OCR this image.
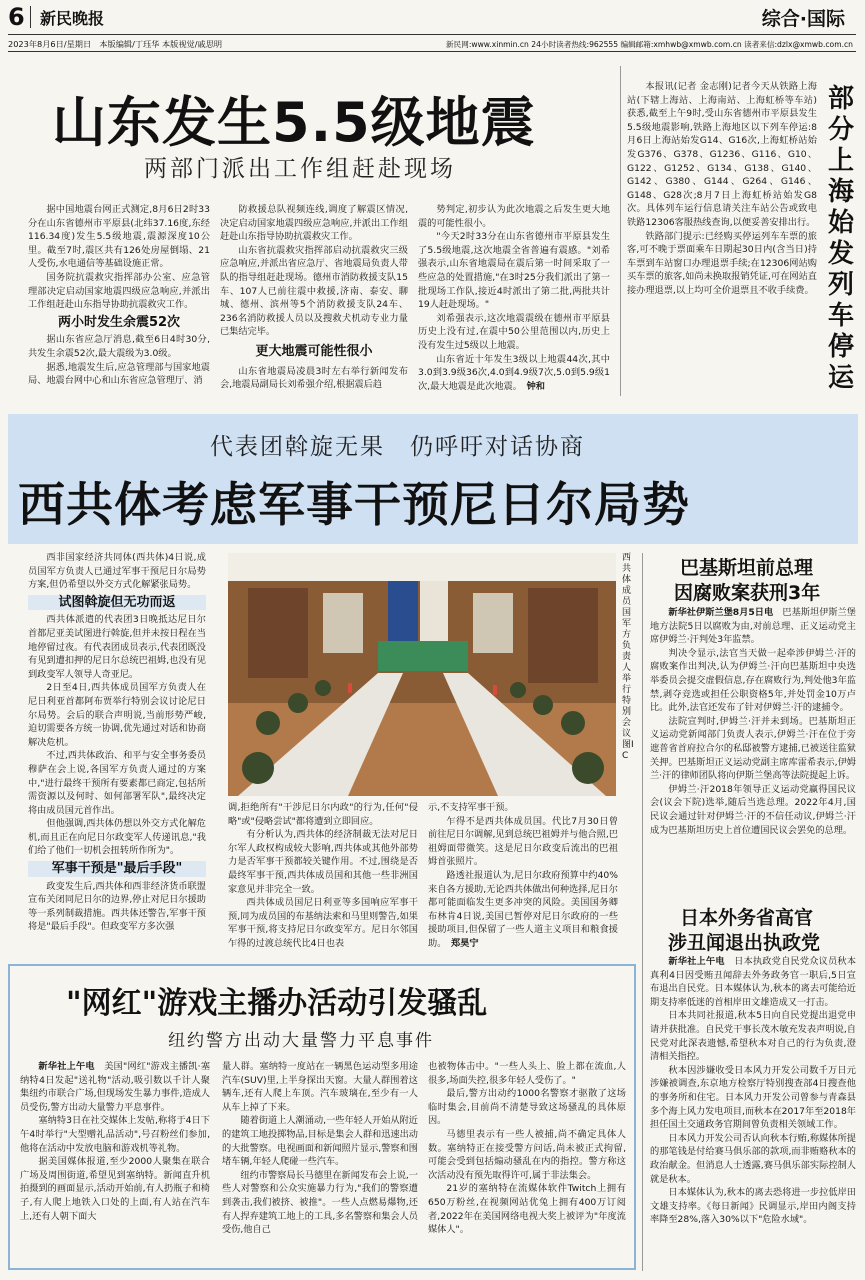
6 新民晚报	综合·国际
2023年8月6日/星期日　本版编辑/丁珏华 本版视觉/戚思明	新民网:www.xinmin.cn 24小时读者热线:962555 编辑邮箱:xmhwb@xmwb.com.cn 读者来信:dzlx@xmwb.com.cn
山东发生5.5级地震
两部门派出工作组赶赴现场

据中国地震台网正式测定,8月6日2时33分在山东省德州市平原县(北纬37.16度,东经116.34度)发生5.5级地震,震源深度10公里。截至7时,震区共有126处房屋倒塌、21人受伤,水电通信等基础设施正常。

国务院抗震救灾指挥部办公室、应急管理部决定启动国家地震四级应急响应,并派出工作组赶赴山东指导协助抗震救灾工作。

两小时发生余震52次

据山东省应急厅消息,截至6日4时30分,共发生余震52次,最大震级为3.0级。

据悉,地震发生后,应急管理部与国家地震局、地震台网中心和山东省应急管理厅、消

防救援总队视频连线,调度了解震区情况,决定启动国家地震四级应急响应,并派出工作组赶赴山东指导协助抗震救灾工作。

山东省抗震救灾指挥部启动抗震救灾三级应急响应,并派出省应急厅、省地震局负责人带队的指导组赶赴现场。德州市消防救援支队15车、107人已前往震中救援,济南、泰安、聊城、德州、滨州等5个消防救援支队24车、236名消防救援人员以及搜救犬机动专业力量已集结完毕。

更大地震可能性很小

山东省地震局凌晨3时左右举行新闻发布会,地震局副局长刘希强介绍,根据震后趋

势判定,初步认为此次地震之后发生更大地震的可能性很小。

"今天2时33分在山东省德州市平原县发生了5.5级地震,这次地震全省普遍有震感。"刘希强表示,山东省地震局在震后第一时间采取了一些应急的处置措施,"在3时25分我们派出了第一批现场工作队,接近4时派出了第二批,两批共计19人赶赴现场。"

刘希强表示,这次地震震级在德州市平原县历史上没有过,在震中50公里范围以内,历史上没有发生过5级以上地震。

山东省近十年发生3级以上地震44次,其中3.0到3.9级36次,4.0到4.9级7次,5.0到5.9级1次,最大地震是此次地震。　 钟和

本报讯(记者 金志刚)记者今天从铁路上海站(下辖上海站、上海南站、上海虹桥等车站)获悉,截至上午9时,受山东省德州市平原县发生5.5级地震影响,铁路上海地区以下列车停运:8月6日上海站始发G14、G16次,上海虹桥站始发G376、G378、G1236、G116、G10、G122、G1252、G134、G138、G140、G142、G380、G144、G264、G146、G148、G28次;8月7日上海虹桥站始发G8次。具体列车运行信息请关注车站公告或致电铁路12306客服热线查询,以便妥善安排出行。

铁路部门提示:已经购买停运列车车票的旅客,可不晚于票面乘车日期起30日内(含当日)持车票到车站窗口办理退票手续;在12306网站购买车票的旅客,如尚未换取报销凭证,可在网站直接办理退票,以上均可全价退票且不收手续费。

部分上海始发列车停运
代表团斡旋无果　仍呼吁对话协商
西共体考虑军事干预尼日尔局势

西非国家经济共同体(西共体)4日说,成员国军方负责人已通过军事干预尼日尔局势方案,但仍希望以外交方式化解紧张局势。

试图斡旋但无功而返

西共体派遣的代表团3日晚抵达尼日尔首都尼亚美试图进行斡旋,但并未按日程在当地停留过夜。有代表团成员表示,代表团既没有见到遭扣押的尼日尔总统巴祖姆,也没有见到政变军人领导人奇亚尼。

2日至4日,西共体成员国军方负责人在尼日利亚首都阿布贾举行特别会议讨论尼日尔局势。会后的联合声明说,当前形势严峻,迫切需要各方统一协调,优先通过对话和协商解决危机。

不过,西共体政治、和平与安全事务委员穆萨在会上说,各国军方负责人通过的方案中,"进行最终干预所有要素都已商定,包括所需资源以及何时、如何部署军队",最终决定将由成员国元首作出。

但他强调,西共体仍想以外交方式化解危机,而且正在向尼日尔政变军人传递讯息,"我们给了他们一切机会扭转所作所为"。

军事干预是"最后手段"

政变发生后,西共体和西非经济货币联盟宣布关闭同尼日尔的边界,停止对尼日尔援助等一系列制裁措施。西共体还警告,军事干预将是"最后手段"。但政变军方多次强

西共体成员国军方负责人举行特别会议
图IC

调,拒绝所有"干涉尼日尔内政"的行为,任何"侵略"或"侵略尝试"都将遭到立即回应。

有分析认为,西共体的经济制裁无法对尼日尔军人政权构成较大影响,西共体或其他外部势力是否军事干预都较关键作用。不过,围绕是否最终军事干预,西共体成员国和其他一些非洲国家意见并非完全一致。

西共体成员国尼日利亚等多国响应军事干预,同为成员国的布基纳法索和马里则警告,如果军事干预,将支持尼日尔政变军方。尼日尔邻国乍得的过渡总统代比4日也表

示,不支持军事干预。

乍得不是西共体成员国。代比7月30日曾前往尼日尔调解,见到总统巴祖姆并与他合照,巴祖姆面带微笑。这是尼日尔政变后流出的巴祖姆首张照片。

路透社报道认为,尼日尔政府预算中约40%来自各方援助,无论西共体做出何种选择,尼日尔都可能面临发生更多冲突的风险。美国国务卿布林肯4日说,美国已暂停对尼日尔政府的一些援助项目,但保留了一些人道主义项目和粮食援助。　 郑昊宁

巴基斯坦前总理
因腐败案获刑3年

新华社伊斯兰堡8月5日电　 巴基斯坦伊斯兰堡地方法院5日以腐败为由,对前总理、正义运动党主席伊姆兰·汗判处3年监禁。

判决令显示,法官当天做一起牵涉伊姆兰·汗的腐败案作出判决,认为伊姆兰·汗向巴基斯坦中央选举委员会提交虚假信息,存在腐败行为,判处他3年监禁,剥夺竞选或担任公职资格5年,并处罚金10万卢比。此外,法官还发布了针对伊姆兰·汗的逮捕令。

法院宣判时,伊姆兰·汗并未到场。巴基斯坦正义运动党新闻部门负责人表示,伊姆兰·汗在位于旁遮普省首府拉合尔的私邸被警方逮捕,已被送往监狱关押。巴基斯坦正义运动党副主席库雷希表示,伊姆兰·汗的律师团队将向伊斯兰堡高等法院提起上诉。

伊姆兰·汗2018年领导正义运动党赢得国民议会(议会下院)选举,随后当选总理。2022年4月,国民议会通过针对伊姆兰·汗的不信任动议,伊姆兰·汗成为巴基斯坦历史上首位遭国民议会罢免的总理。

日本外务省高官
涉丑闻退出执政党

新华社上午电　 日本执政党自民党众议员秋本真利4日因受贿丑闻辞去外务政务官一职后,5日宣布退出自民党。日本媒体认为,秋本的离去可能给近期支持率低迷的首相岸田文雄造成又一打击。

日本共同社报道,秋本5日向自民党提出退党申请并获批准。自民党干事长茂木敏充发表声明说,自民党对此深表遗憾,希望秋本对自己的行为负责,澄清相关指控。

秋本因涉嫌收受日本风力开发公司数千万日元涉嫌被调查,东京地方检察厅特别搜查部4日搜查他的事务所和住宅。日本风力开发公司曾参与青森县多个海上风力发电项目,而秋本在2017年至2018年担任国土交通政务官期间曾负责相关领域工作。

日本风力开发公司否认向秋本行贿,称媒体所提的那笔钱是付给赛马俱乐部的款项,而非贿赂秋本的政治献金。但消息人士透露,赛马俱乐部实际控制人就是秋本。

日本媒体认为,秋本的离去恐将进一步拉低岸田文雄支持率。《每日新闻》民调显示,岸田内阁支持率降至28%,落入30%以下"危险水域"。

"网红"游戏主播办活动引发骚乱
纽约警方出动大量警力平息事件

新华社上午电　 美国"网红"游戏主播凯·塞纳特4日发起"送礼物"活动,吸引数以千计人聚集纽约市联合广场,但现场发生暴力事件,造成人员受伤,警方出动大量警力平息事件。

塞纳特3日在社交媒体上发帖,称将于4日下午4时举行"大型赠礼品活动",号召粉丝们参加,他将在活动中发放电脑和游戏机等礼物。

据美国媒体报道,至少2000人聚集在联合广场及周围街道,希望见到塞纳特。新闻直升机拍摄到的画面显示,活动开始前,有人扔瓶子和椅子,有人爬上地铁入口处的上面,有人站在汽车上,还有人朝下面大

量人群。塞纳特一度站在一辆黑色运动型多用途汽车(SUV)里,上半身探出天窗。大量人群围着这辆车,还有人爬上车顶。汽车玻璃在,至少有一人从车上掉了下来。

随着街道上人潮涌动,一些年轻人开始从附近的建筑工地投掷物品,目标是集会人群和迅速出动的大批警察。电视画面和新闻照片显示,警察和围堵车辆,年轻人爬碰一些汽车。

纽约市警察局长马德里在新闻发布会上说,一些人对警察和公众实施暴力行为,"我们的警察遭到袭击,我们被挤、被推"。一些人点燃易爆物,还有人捍弃建筑工地上的工具,多名警察和集会人员受伤,他自己

也被物体击中。"一些人头上、脸上都在流血,人很多,场面失控,很多年轻人受伤了。"

最后,警方出动约1000名警察才驱散了这场临时集会,目前尚不清楚导致这场骚乱的具体原因。

马德里表示有一些人被捕,尚不确定具体人数。塞纳特正在接受警方问话,尚未被正式拘留,可能会受到包括煽动骚乱在内的指控。警方称这次活动没有预先取得许可,属于非法集会。

21岁的塞纳特在流媒体软件Twitch上拥有650万粉丝,在视频网站优兔上拥有400万订阅者,2022年在美国网络电视大奖上被评为"年度流媒体人"。
